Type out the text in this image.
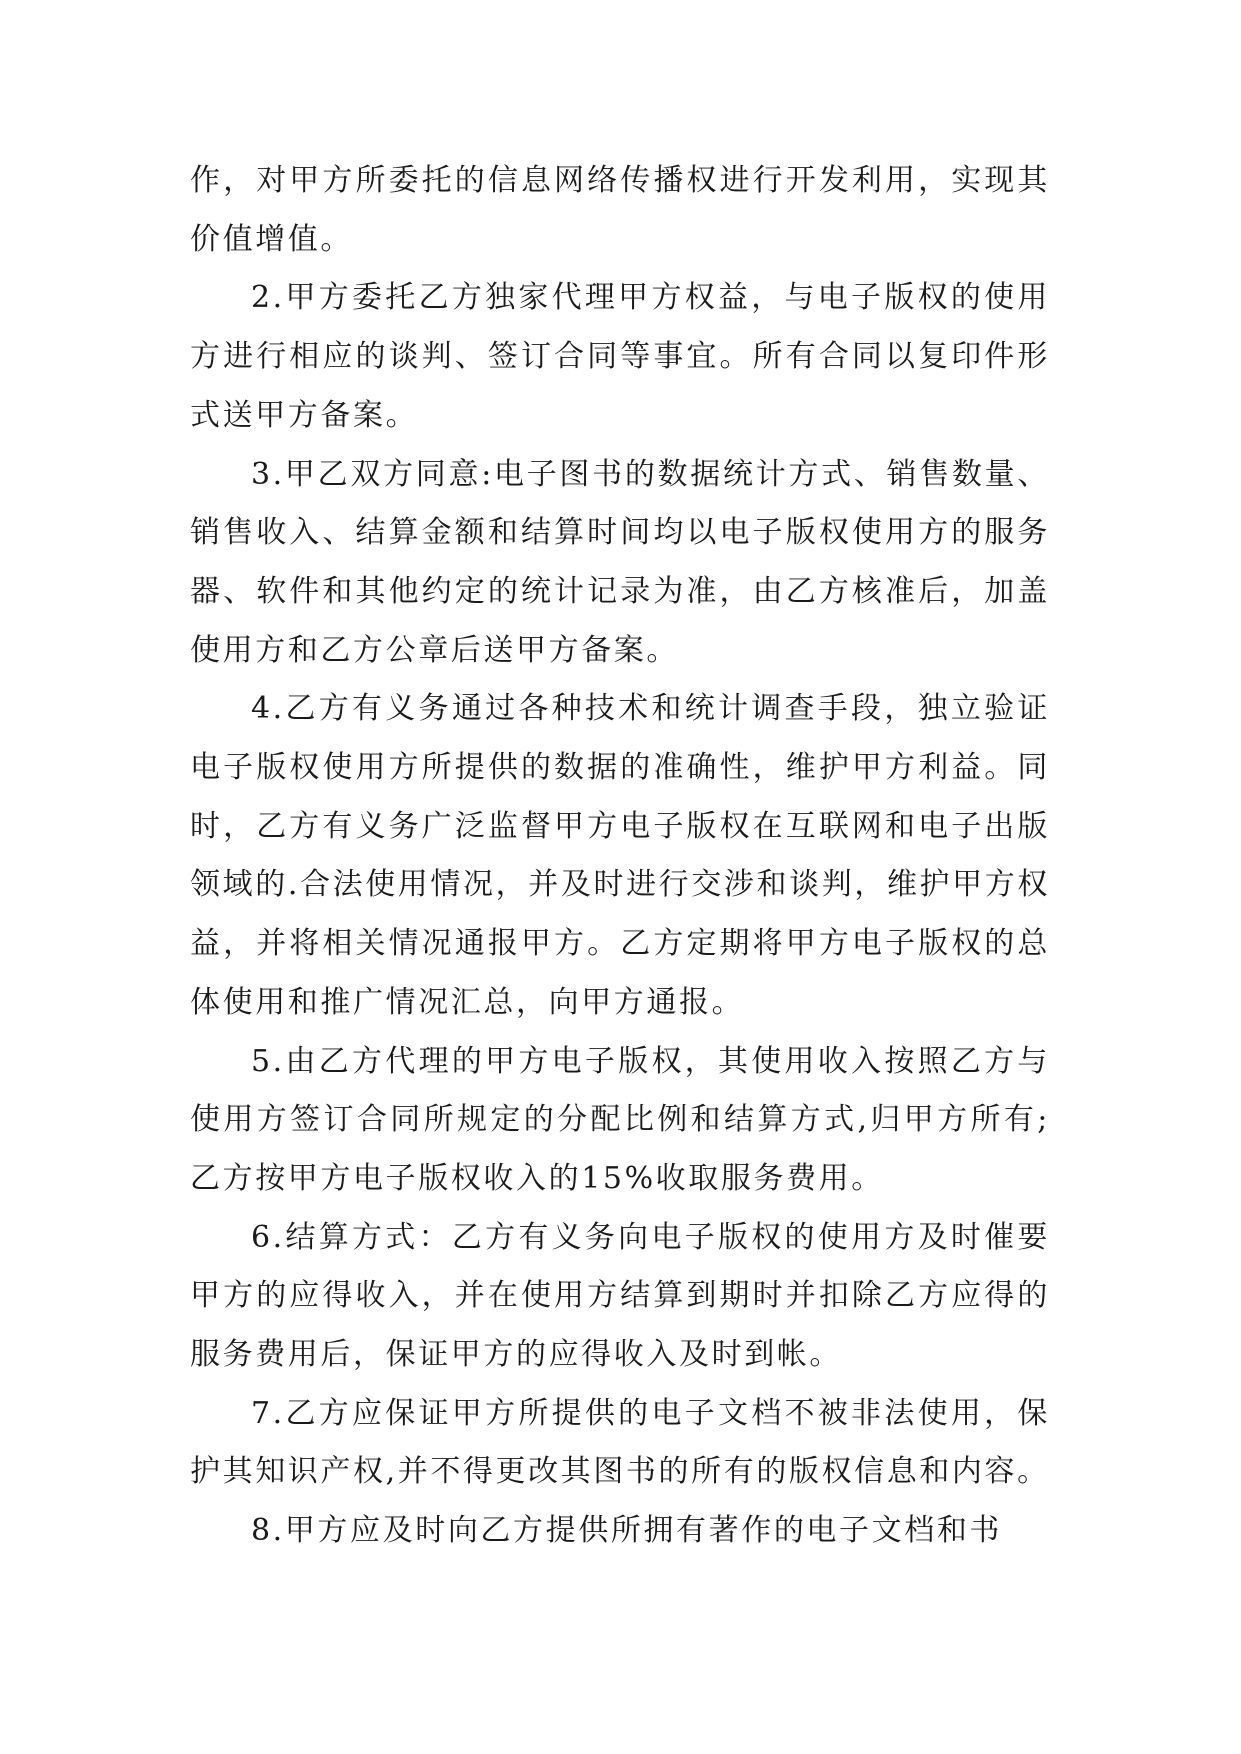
作，对甲方所委托的信息网络传播权进行开发利用，实现其价值增值。

2.甲方委托乙方独家代理甲方权益，与电子版权的使用方进行相应的谈判、签订合同等事宜。所有合同以复印件形式送甲方备案。

3.甲乙双方同意:电子图书的数据统计方式、销售数量、销售收入、结算金额和结算时间均以电子版权使用方的服务器、软件和其他约定的统计记录为准，由乙方核准后，加盖使用方和乙方公章后送甲方备案。

4.乙方有义务通过各种技术和统计调查手段，独立验证电子版权使用方所提供的数据的准确性，维护甲方利益。同时，乙方有义务广泛监督甲方电子版权在互联网和电子出版领域的.合法使用情况，并及时进行交涉和谈判，维护甲方权益，并将相关情况通报甲方。乙方定期将甲方电子版权的总体使用和推广情况汇总，向甲方通报。

5.由乙方代理的甲方电子版权，其使用收入按照乙方与使用方签订合同所规定的分配比例和结算方式,归甲方所有;乙方按甲方电子版权收入的15%收取服务费用。

6.结算方式：乙方有义务向电子版权的使用方及时催要甲方的应得收入，并在使用方结算到期时并扣除乙方应得的服务费用后，保证甲方的应得收入及时到帐。

7.乙方应保证甲方所提供的电子文档不被非法使用，保护其知识产权,并不得更改其图书的所有的版权信息和内容。

8.甲方应及时向乙方提供所拥有著作的电子文档和书
